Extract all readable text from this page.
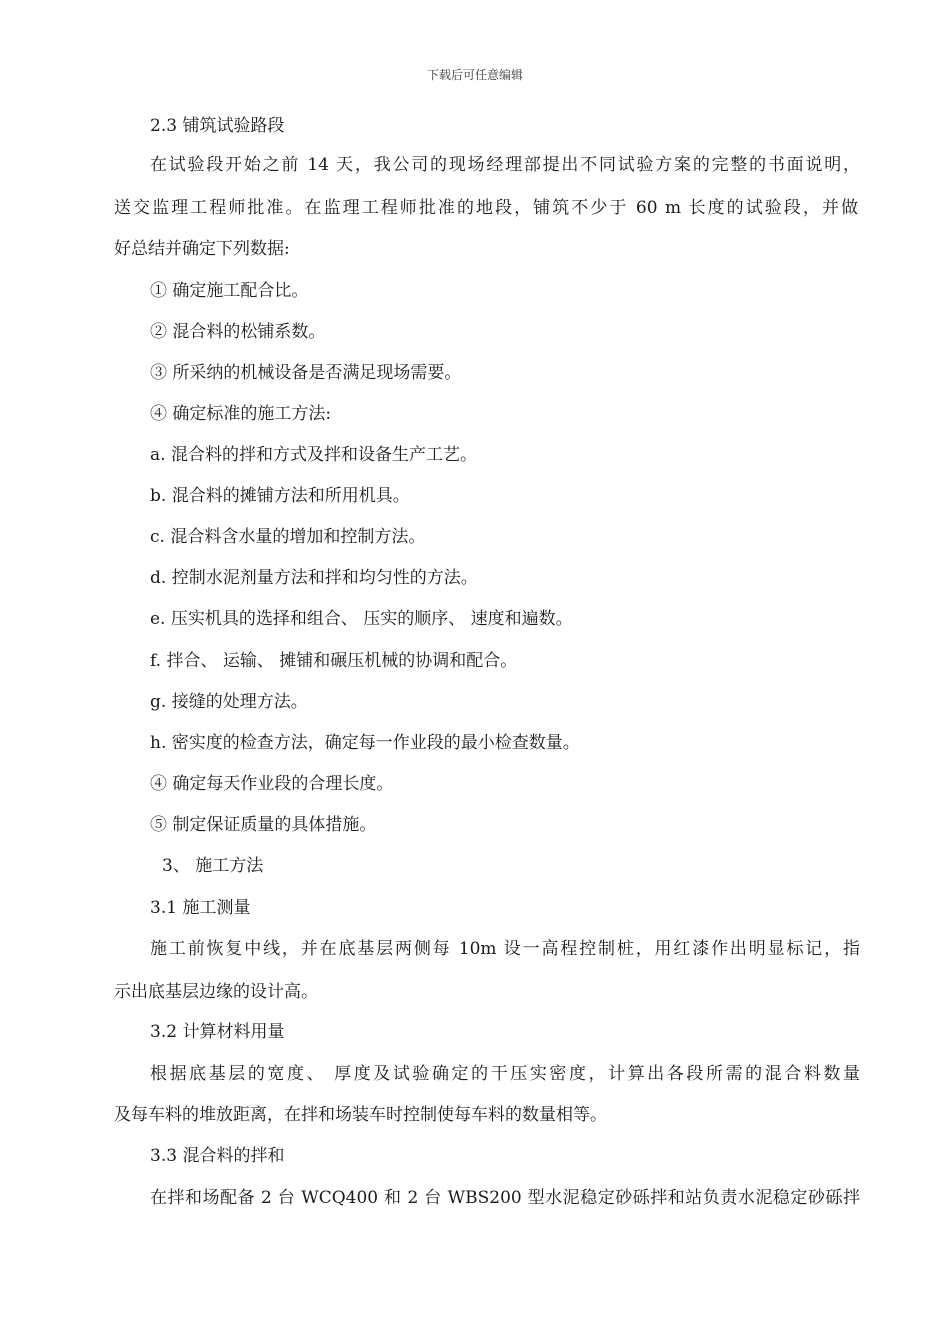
下载后可任意编辑
2.3 铺筑试验路段
在试验段开始之前 14 天，我公司的现场经理部提出不同试验方案的完整的书面说明，
送交监理工程师批准。在监理工程师批准的地段，铺筑不少于 60 m 长度的试验段，并做
好总结并确定下列数据:
① 确定施工配合比。
② 混合料的松铺系数。
③ 所采纳的机械设备是否满足现场需要。
④ 确定标准的施工方法:
a. 混合料的拌和方式及拌和设备生产工艺。
b. 混合料的摊铺方法和所用机具。
c. 混合料含水量的增加和控制方法。
d. 控制水泥剂量方法和拌和均匀性的方法。
e. 压实机具的选择和组合、 压实的顺序、 速度和遍数。
f. 拌合、 运输、 摊铺和碾压机械的协调和配合。
g. 接缝的处理方法。
h. 密实度的检查方法，确定每一作业段的最小检查数量。
④ 确定每天作业段的合理长度。
⑤ 制定保证质量的具体措施。
3、 施工方法
3.1 施工测量
施工前恢复中线，并在底基层两侧每 10m 设一高程控制桩，用红漆作出明显标记，指
示出底基层边缘的设计高。
3.2 计算材料用量
根据底基层的宽度、 厚度及试验确定的干压实密度，计算出各段所需的混合料数量
及每车料的堆放距离，在拌和场装车时控制使每车料的数量相等。
3.3 混合料的拌和
在拌和场配备 2 台 WCQ400 和 2 台 WBS200 型水泥稳定砂砾拌和站负责水泥稳定砂砾拌
